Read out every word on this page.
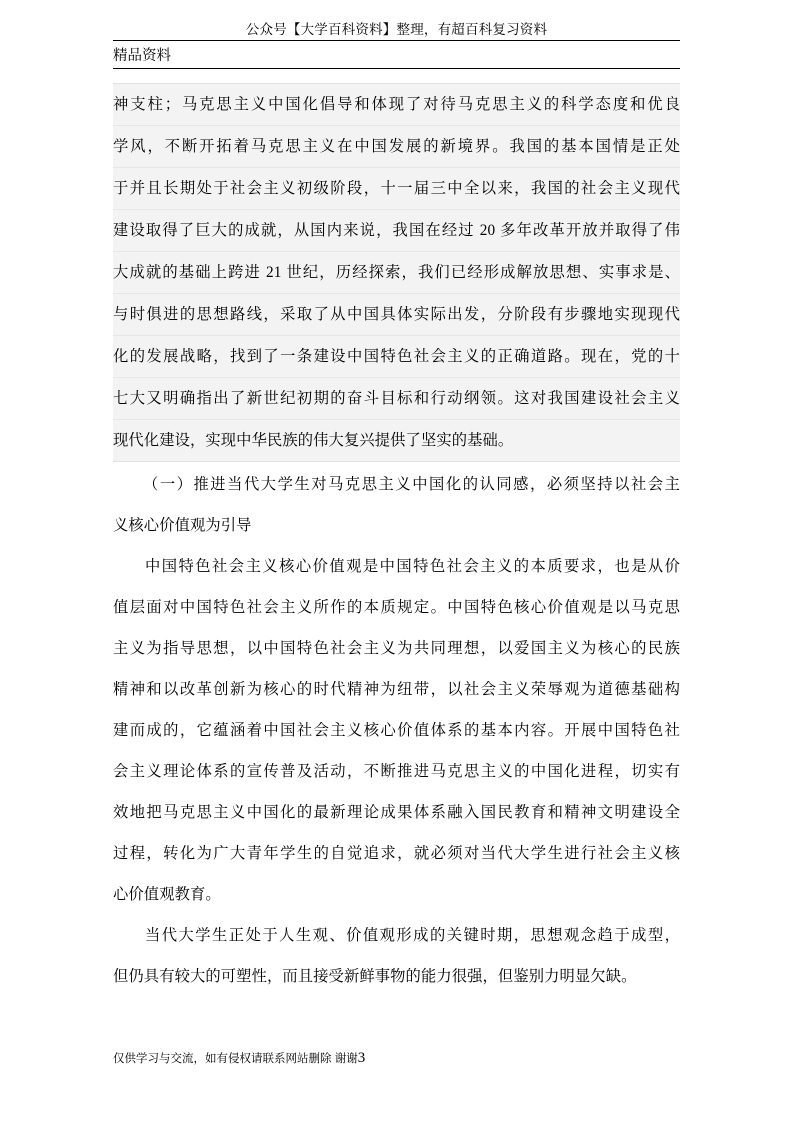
公众号【大学百科资料】整理，有超百科复习资料
精品资料
神支柱；马克思主义中国化倡导和体现了对待马克思主义的科学态度和优良
学风，不断开拓着马克思主义在中国发展的新境界。我国的基本国情是正处
于并且长期处于社会主义初级阶段，十一届三中全以来，我国的社会主义现代
建设取得了巨大的成就，从国内来说，我国在经过 20 多年改革开放并取得了伟
大成就的基础上跨进 21 世纪，历经探索，我们已经形成解放思想、实事求是、
与时俱进的思想路线，采取了从中国具体实际出发，分阶段有步骤地实现现代
化的发展战略，找到了一条建设中国特色社会主义的正确道路。现在，党的十
七大又明确指出了新世纪初期的奋斗目标和行动纲领。这对我国建设社会主义
现代化建设，实现中华民族的伟大复兴提供了坚实的基础。
（一）推进当代大学生对马克思主义中国化的认同感，必须坚持以社会主
义核心价值观为引导
中国特色社会主义核心价值观是中国特色社会主义的本质要求，也是从价
值层面对中国特色社会主义所作的本质规定。中国特色核心价值观是以马克思
主义为指导思想，以中国特色社会主义为共同理想，以爱国主义为核心的民族
精神和以改革创新为核心的时代精神为纽带，以社会主义荣辱观为道德基础构
建而成的，它蕴涵着中国社会主义核心价值体系的基本内容。开展中国特色社
会主义理论体系的宣传普及活动，不断推进马克思主义的中国化进程，切实有
效地把马克思主义中国化的最新理论成果体系融入国民教育和精神文明建设全
过程，转化为广大青年学生的自觉追求，就必须对当代大学生进行社会主义核
心价值观教育。
当代大学生正处于人生观、价值观形成的关键时期，思想观念趋于成型，
但仍具有较大的可塑性，而且接受新鲜事物的能力很强，但鉴别力明显欠缺。
仅供学习与交流，如有侵权请联系网站删除 谢谢3
